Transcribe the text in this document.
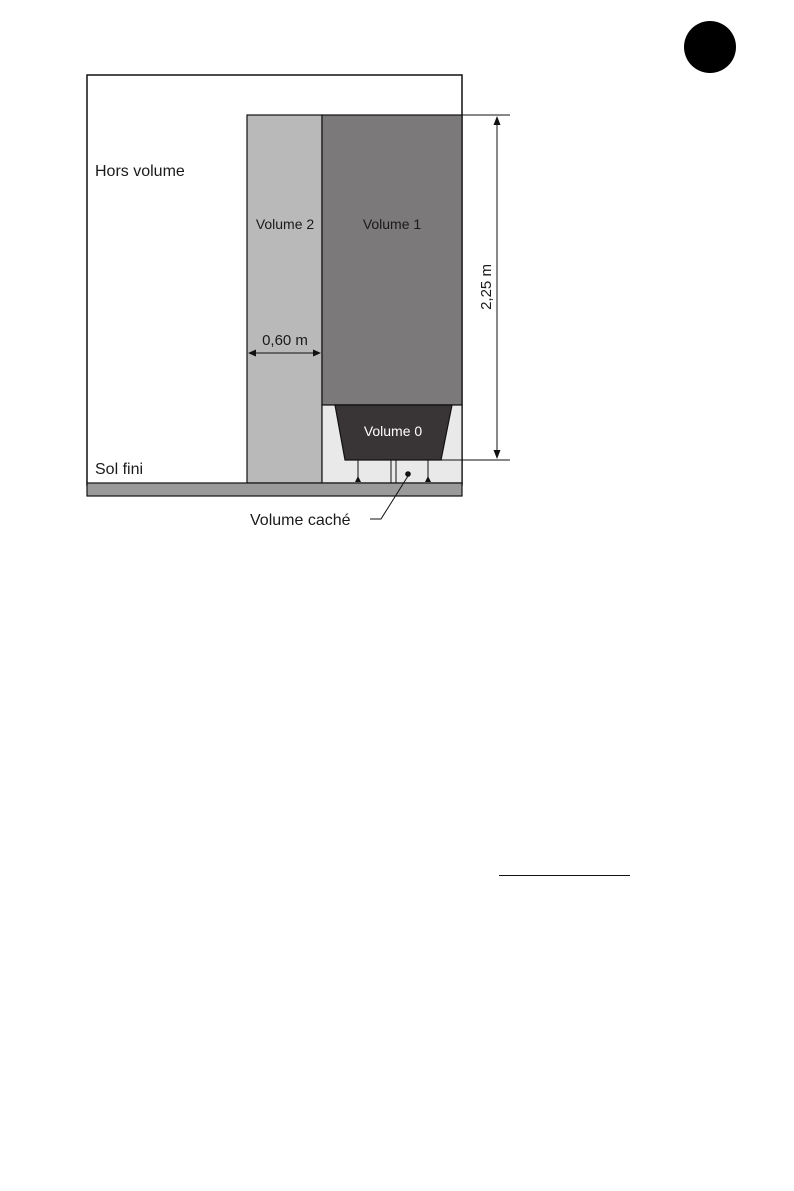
Hors volume
Volume 2	Volume 1
Volume 0
0,60 m
2,25 m
Sol fini
Volume caché
